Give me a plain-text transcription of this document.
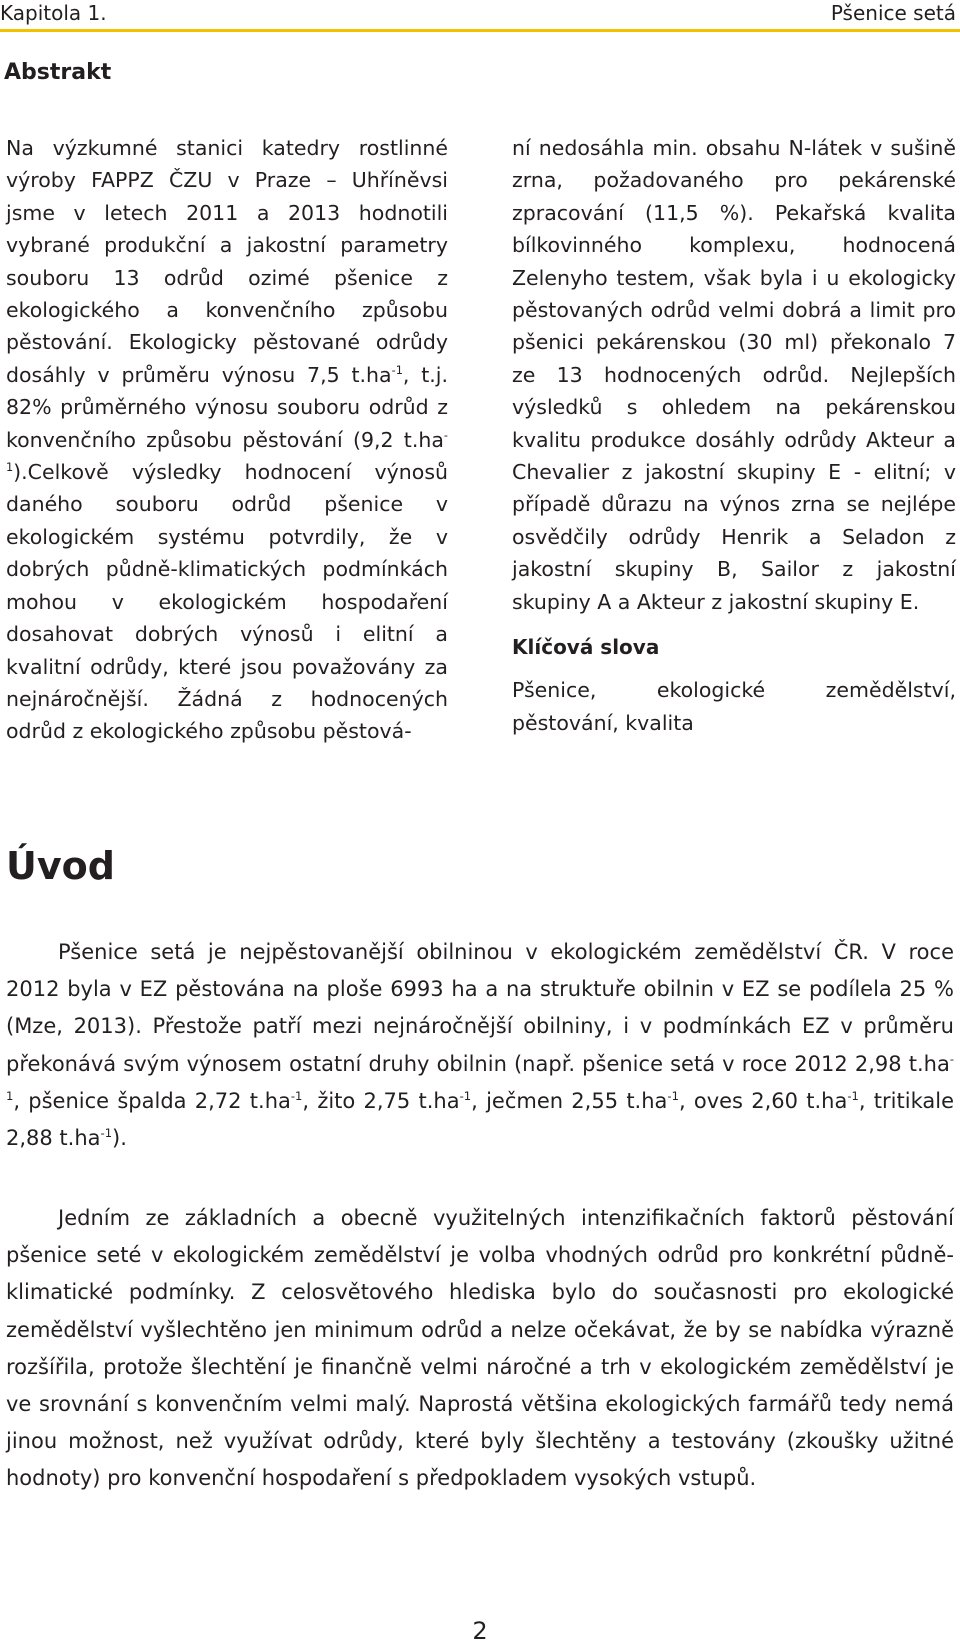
Kapitola 1.	Pšenice setá
Abstrakt

Na výzkumné stanici katedry rostlinné výroby FAPPZ ČZU v Praze – Uhříněvsi jsme v letech 2011 a 2013 hodnotili vybrané produkční a jakostní parametry souboru 13 odrůd ozimé pšenice z ekologického a konvenčního způsobu pěstování. Ekologicky pěstované odrůdy dosáhly v průměru výnosu 7,5 $t.ha^{-1}$, t.j. 82% průměrného výnosu souboru odrůd z konvenčního způsobu pěstování (9,2 $t.ha^{-1}).Celkově$ výsledky hodnocení výnosů daného souboru odrůd pšenice v ekologickém systému potvrdily, že v dobrých půdně-klimatických podmínkách mohou v ekologickém hospodaření dosahovat dobrých výnosů i elitní a kvalitní odrůdy, které jsou považovány za nejnáročnější. Žádná z hodnocených odrůd z ekologického způsobu pěstová-

ní nedosáhla min. obsahu N-látek v sušině zrna, požadovaného pro pekárenské zpracování (11,5 %). Pekařská kvalita bílkovinného komplexu, hodnocená Zelenyho testem, však byla i u ekologicky pěstovaných odrůd velmi dobrá a limit pro pšenici pekárenskou (30 ml) překonalo 7 ze 13 hodnocených odrůd. Nejlepších výsledků s ohledem na pekárenskou kvalitu produkce dosáhly odrůdy Akteur a Chevalier z jakostní skupiny E - elitní; v případě důrazu na výnos zrna se nejlépe osvědčily odrůdy Henrik a Seladon z jakostní skupiny B, Sailor z jakostní skupiny A a Akteur z jakostní skupiny E.

Klíčová slova

Pšenice, ekologické zemědělství, pěstování, kvalita

Úvod

Pšenice setá je nejpěstovanější obilninou v ekologickém zemědělství ČR. V roce 2012 byla v EZ pěstována na ploše 6993 ha a na struktuře obilnin v EZ se podílela 25 % (Mze, 2013). Přestože patří mezi nejnáročnější obilniny, i v podmínkách EZ v průměru překonává svým výnosem ostatní druhy obilnin (např. pšenice setá v roce 2012 2,98 $t.ha^{-1}$, pšenice špalda 2,72 $t.ha^{-1}$, žito 2,75 $t.ha^{-1}$, ječmen 2,55 $t.ha^{-1}$, oves 2,60 $t.ha^{-1}$, tritikale 2,88 $t.ha^{-1}$).

Jedním ze základních a obecně využitelných intenzifikačních faktorů pěstování pšenice seté v ekologickém zemědělství je volba vhodných odrůd pro konkrétní půdně-klimatické podmínky. Z celosvětového hlediska bylo do současnosti pro ekologické zemědělství vyšlechtěno jen minimum odrůd a nelze očekávat, že by se nabídka výrazně rozšířila, protože šlechtění je finančně velmi náročné a trh v ekologickém zemědělství je ve srovnání s konvenčním velmi malý. Naprostá většina ekologických farmářů tedy nemá jinou možnost, než využívat odrůdy, které byly šlechtěny a testovány (zkoušky užitné hodnoty) pro konvenční hospodaření s předpokladem vysokých vstupů.

2
